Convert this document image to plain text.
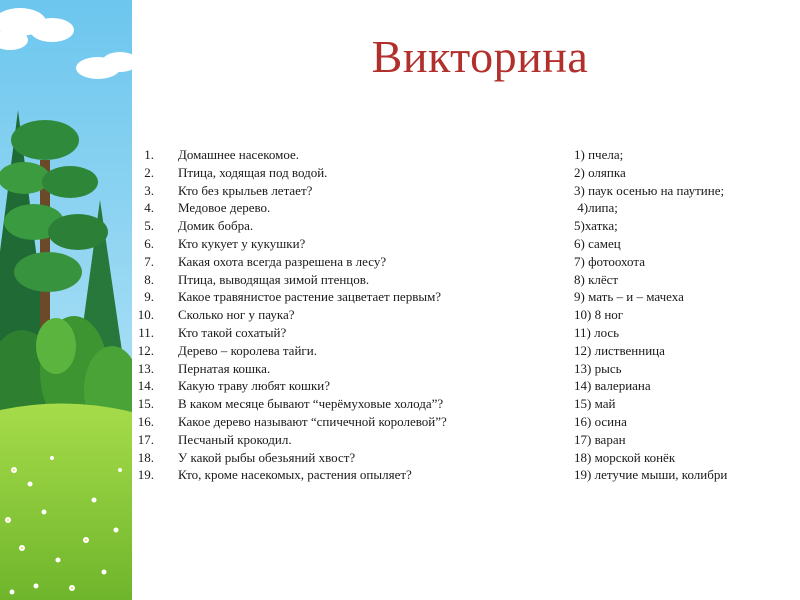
Викторина
1. Домашнее насекомое.
2. Птица, ходящая под водой.
3. Кто без крыльев летает?
4. Медовое дерево.
5. Домик бобра.
6. Кто кукует у кукушки?
7. Какая охота всегда разрешена в лесу?
8. Птица, выводящая зимой птенцов.
9. Какое травянистое растение зацветает первым?
10. Сколько ног у паука?
11. Кто такой сохатый?
12. Дерево – королева тайги.
13. Пернатая кошка.
14. Какую траву любят кошки?
15. В каком месяце бывают “черёмуховые холода”?
16. Какое дерево называют “спичечной королевой”?
17. Песчаный крокодил.
18. У какой рыбы обезьяний хвост?
19. Кто, кроме насекомых, растения опыляет?
1) пчела;
2) оляпка
3) паук осенью на паутине;
4)липа;
5)хатка;
6) самец
7) фотоохота
8) клёст
9) мать – и – мачеха
10) 8 ног
11) лось
12) лиственница
13) рысь
14) валериана
15) май
16) осина
17) варан
18) морской конёк
19) летучие мыши, колибри
